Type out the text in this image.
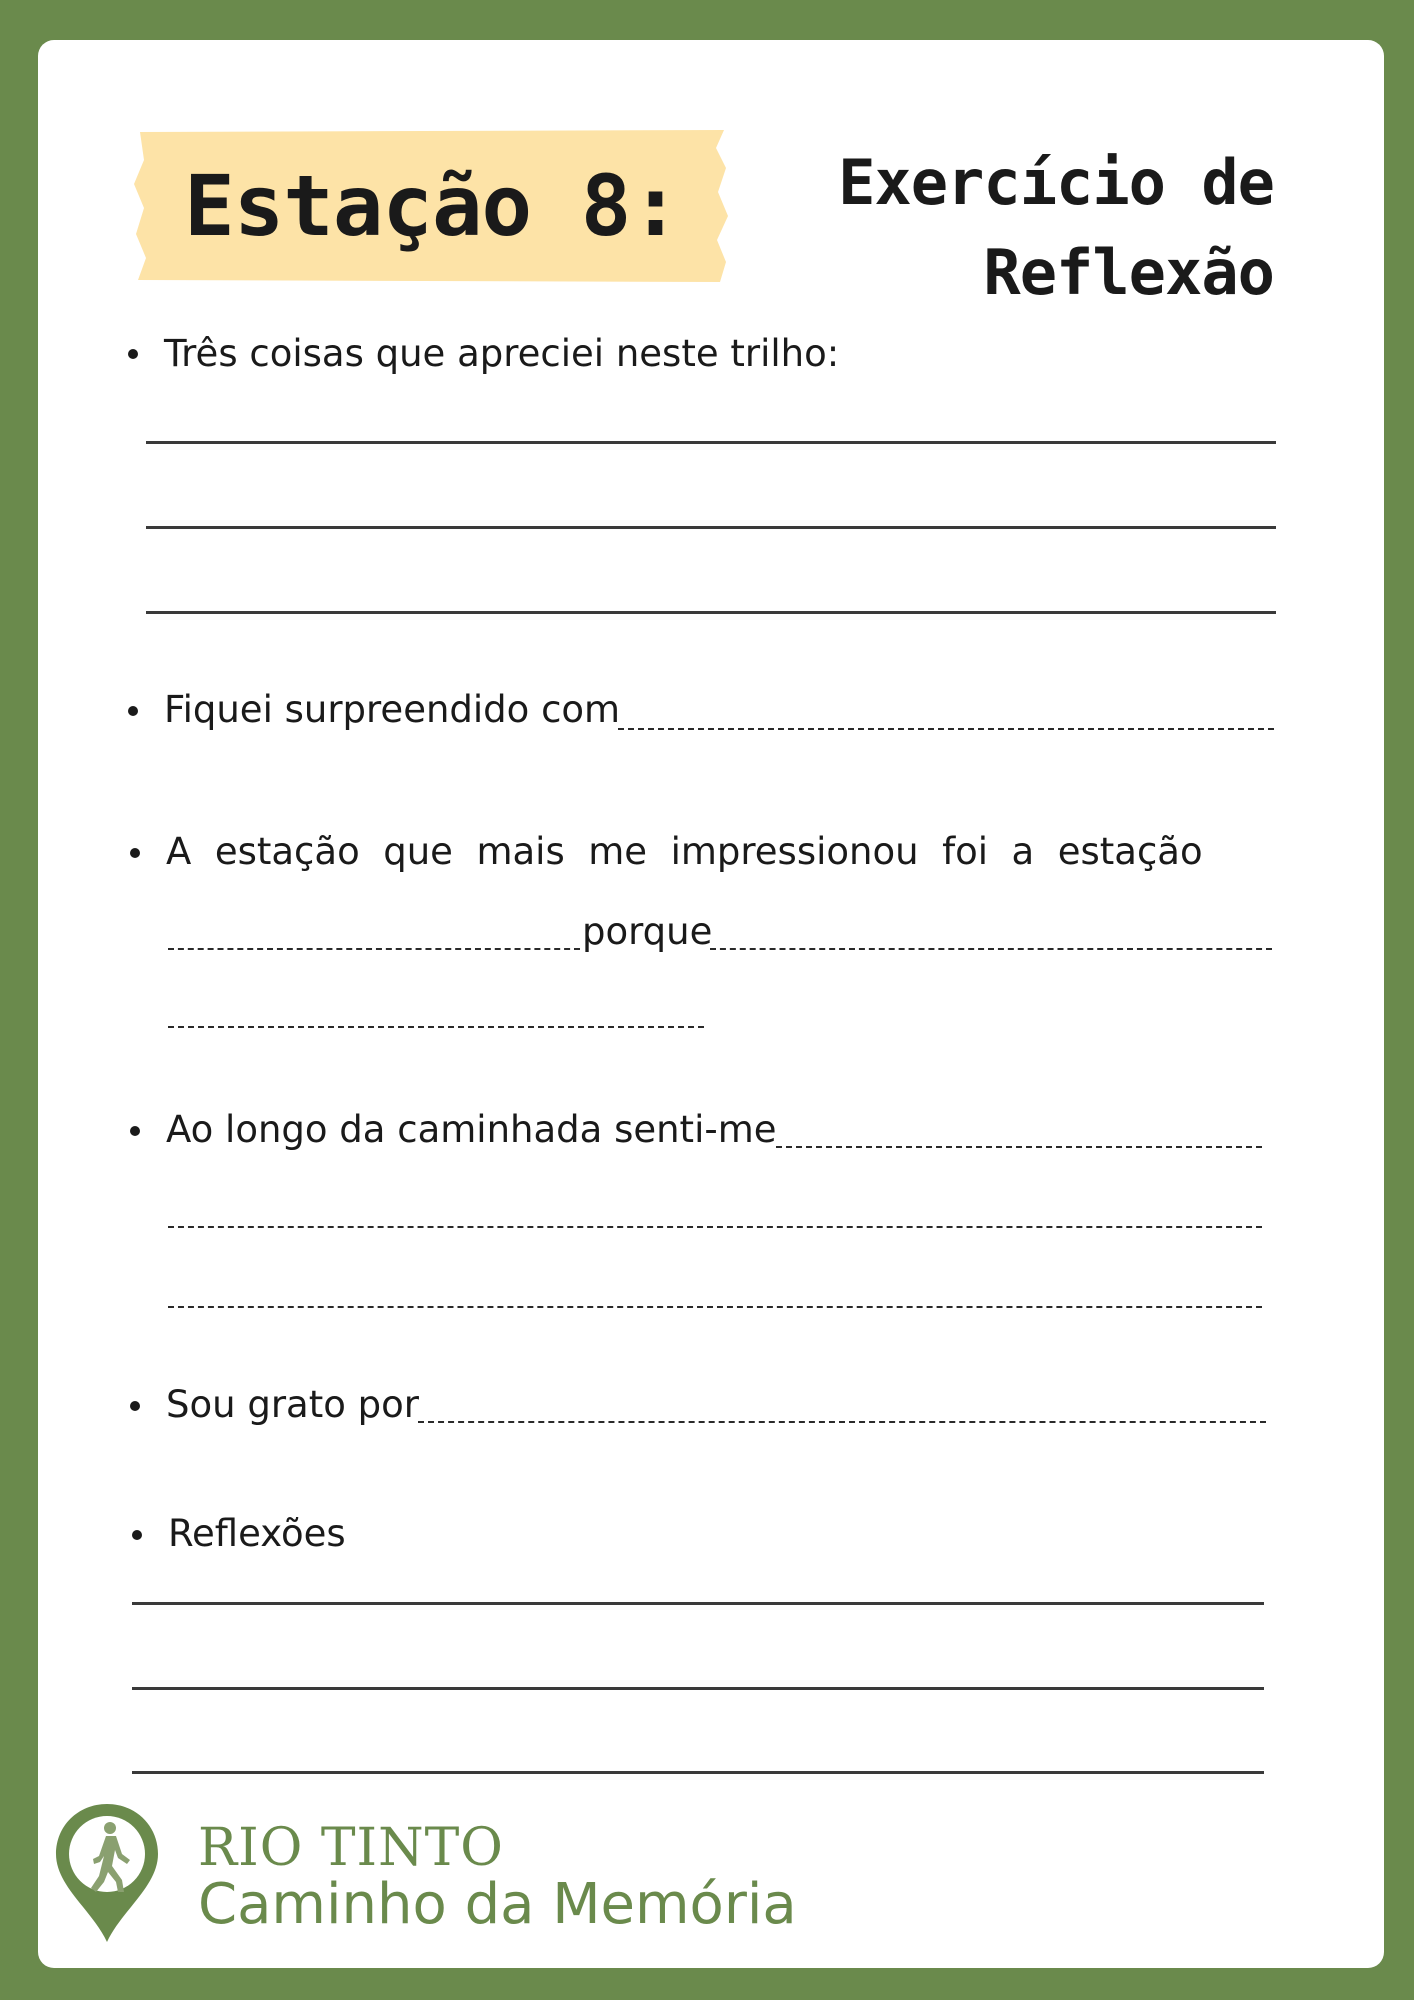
Estação 8:	Exercício de
Reflexão
Três coisas que apreciei neste trilho:
Fiquei surpreendido com
A  estação  que  mais  me  impressionou  foi  a  estação
porque
Ao longo da caminhada senti-me
Sou grato por
Reflexões
RIO TINTO
Caminho da Memória
